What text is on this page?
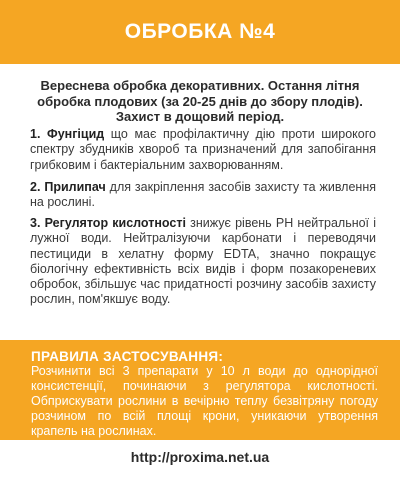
ОБРОБКА №4
Вереснева обробка декоративних. Остання літня обробка плодових (за 20-25 днів до збору плодів). Захист в дощовий період.
1. Фунгіцид що має профілактичну дію проти широкого спектру збудників хвороб та призначений для запобігання грибковим і бактеріальним захворюванням.
2. Прилипач для закріплення засобів захисту та живлення на рослині.
3. Регулятор кислотності знижує рівень PH нейтральної і лужної води. Нейтралізуючи карбонати і переводячи пестициди в хелатну форму EDTA, значно покращує біологічну ефективність всіх видів і форм позакореневих обробок, збільшує час придатності розчину засобів захисту рослин, пом'якшує воду.
ПРАВИЛА ЗАСТОСУВАННЯ:
Розчинити всі 3 препарати у 10 л води до однорідної консистенції, починаючи з регулятора кислотності. Обприскувати рослини в вечірню теплу безвітряну погоду розчином по всій площі крони, уникаючи утворення крапель на рослинах.
http://proxima.net.ua
